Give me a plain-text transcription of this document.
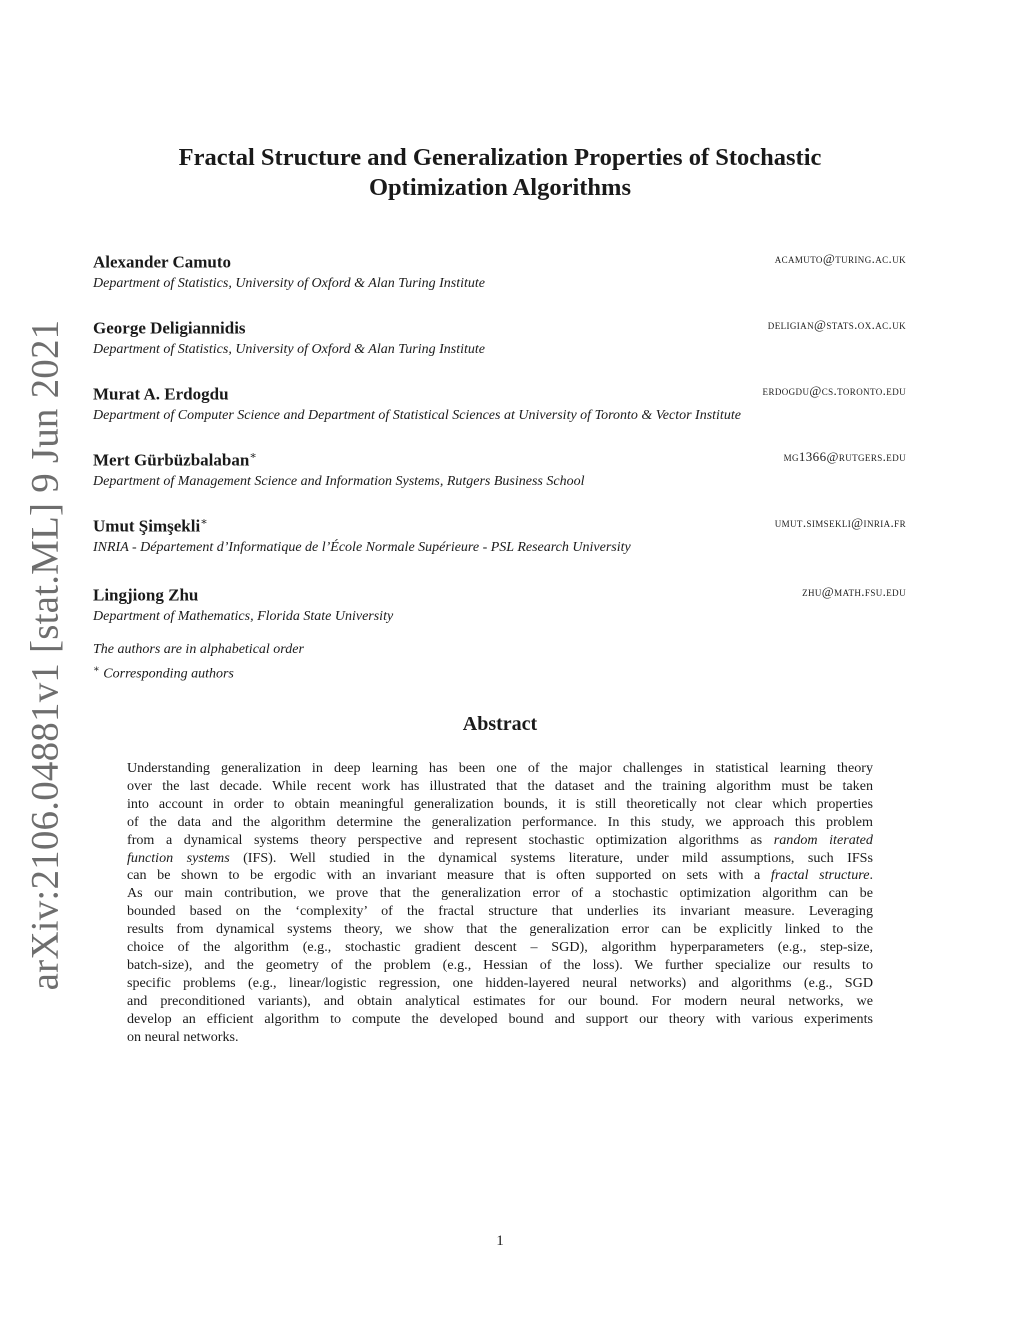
arXiv:2106.04881v1 [stat.ML] 9 Jun 2021
Fractal Structure and Generalization Properties of Stochastic
Optimization Algorithms
Alexander Camuto	acamuto@turing.ac.uk
Department of Statistics, University of Oxford & Alan Turing Institute
George Deligiannidis	deligian@stats.ox.ac.uk
Department of Statistics, University of Oxford & Alan Turing Institute
Murat A. Erdogdu	erdogdu@cs.toronto.edu
Department of Computer Science and Department of Statistical Sciences at University of Toronto & Vector Institute
Mert Gürbüzbalaban∗	mg1366@rutgers.edu
Department of Management Science and Information Systems, Rutgers Business School
Umut Şimşekli∗	umut.simsekli@inria.fr
INRIA - Département d’Informatique de l’École Normale Supérieure - PSL Research University
Lingjiong Zhu	zhu@math.fsu.edu
Department of Mathematics, Florida State University
The authors are in alphabetical order
∗ Corresponding authors
Abstract
Understanding generalization in deep learning has been one of the major challenges in statistical learning theory
over the last decade. While recent work has illustrated that the dataset and the training algorithm must be taken
into account in order to obtain meaningful generalization bounds, it is still theoretically not clear which properties
of the data and the algorithm determine the generalization performance. In this study, we approach this problem
from a dynamical systems theory perspective and represent stochastic optimization algorithms as random iterated
function systems (IFS). Well studied in the dynamical systems literature, under mild assumptions, such IFSs
can be shown to be ergodic with an invariant measure that is often supported on sets with a fractal structure.
As our main contribution, we prove that the generalization error of a stochastic optimization algorithm can be
bounded based on the ‘complexity’ of the fractal structure that underlies its invariant measure. Leveraging
results from dynamical systems theory, we show that the generalization error can be explicitly linked to the
choice of the algorithm (e.g., stochastic gradient descent – SGD), algorithm hyperparameters (e.g., step-size,
batch-size), and the geometry of the problem (e.g., Hessian of the loss). We further specialize our results to
specific problems (e.g., linear/logistic regression, one hidden-layered neural networks) and algorithms (e.g., SGD
and preconditioned variants), and obtain analytical estimates for our bound. For modern neural networks, we
develop an efficient algorithm to compute the developed bound and support our theory with various experiments
on neural networks.
1
